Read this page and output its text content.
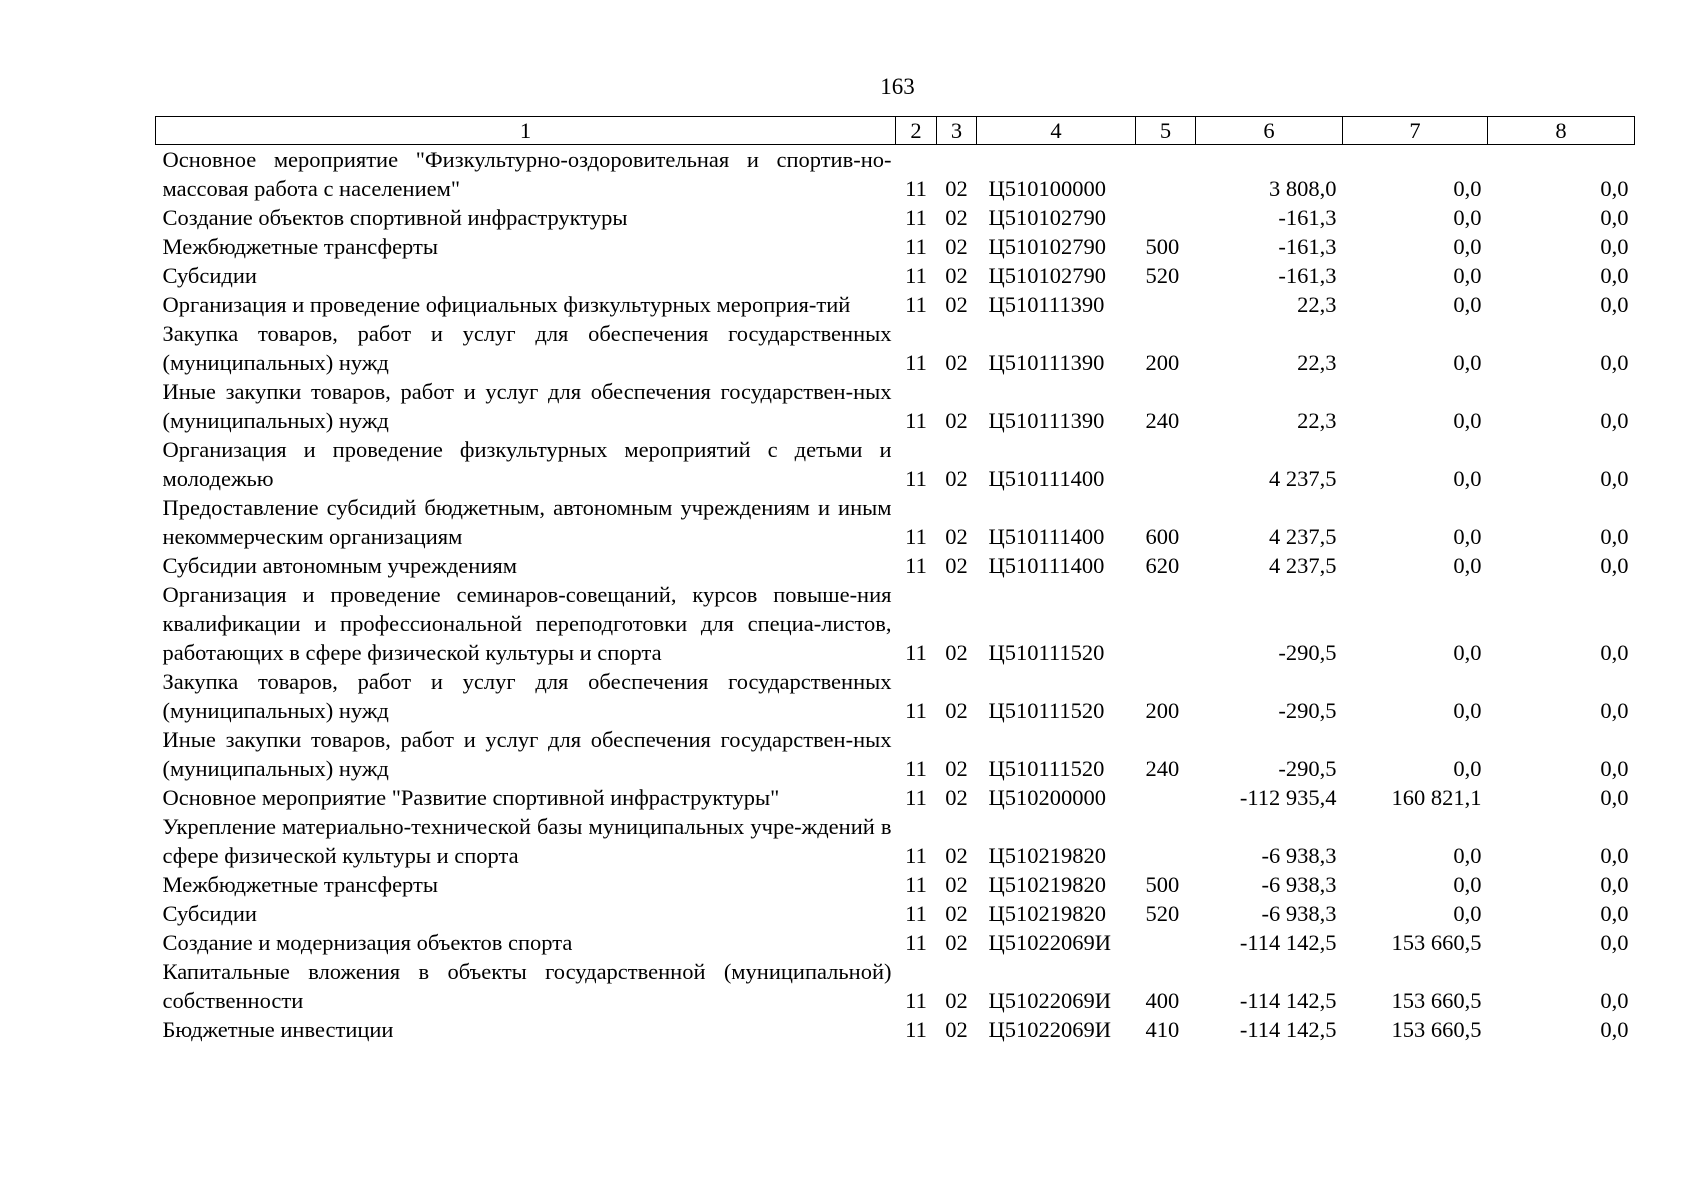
163
1	2	3	4	5	6	7	8
Основное мероприятие "Физкультурно-оздоровительная и спортив-но-массовая работа с населением"	11	02	Ц510100000		3 808,0	0,0	0,0
Создание объектов спортивной инфраструктуры	11	02	Ц510102790		-161,3	0,0	0,0
Межбюджетные трансферты	11	02	Ц510102790	500	-161,3	0,0	0,0
Субсидии	11	02	Ц510102790	520	-161,3	0,0	0,0
Организация и проведение официальных физкультурных мероприя-тий	11	02	Ц510111390		22,3	0,0	0,0
Закупка товаров, работ и услуг для обеспечения государственных (муниципальных) нужд	11	02	Ц510111390	200	22,3	0,0	0,0
Иные закупки товаров, работ и услуг для обеспечения государствен-ных (муниципальных) нужд	11	02	Ц510111390	240	22,3	0,0	0,0
Организация и проведение физкультурных мероприятий с детьми и молодежью	11	02	Ц510111400		4 237,5	0,0	0,0
Предоставление субсидий бюджетным, автономным учреждениям и иным некоммерческим организациям	11	02	Ц510111400	600	4 237,5	0,0	0,0
Субсидии автономным учреждениям	11	02	Ц510111400	620	4 237,5	0,0	0,0
Организация и проведение семинаров-совещаний, курсов повыше-ния квалификации и профессиональной переподготовки для специа-листов, работающих в сфере физической культуры и спорта	11	02	Ц510111520		-290,5	0,0	0,0
Закупка товаров, работ и услуг для обеспечения государственных (муниципальных) нужд	11	02	Ц510111520	200	-290,5	0,0	0,0
Иные закупки товаров, работ и услуг для обеспечения государствен-ных (муниципальных) нужд	11	02	Ц510111520	240	-290,5	0,0	0,0
Основное мероприятие "Развитие спортивной инфраструктуры"	11	02	Ц510200000		-112 935,4	160 821,1	0,0
Укрепление материально-технической базы муниципальных учре-ждений в сфере физической культуры и спорта	11	02	Ц510219820		-6 938,3	0,0	0,0
Межбюджетные трансферты	11	02	Ц510219820	500	-6 938,3	0,0	0,0
Субсидии	11	02	Ц510219820	520	-6 938,3	0,0	0,0
Создание и модернизация объектов спорта	11	02	Ц51022069И		-114 142,5	153 660,5	0,0
Капитальные вложения в объекты государственной (муниципальной) собственности	11	02	Ц51022069И	400	-114 142,5	153 660,5	0,0
Бюджетные инвестиции	11	02	Ц51022069И	410	-114 142,5	153 660,5	0,0
